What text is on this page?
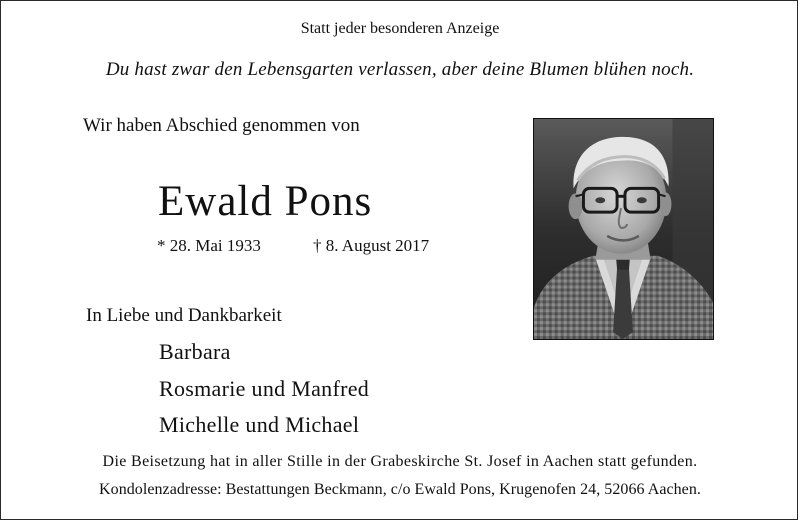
Statt jeder besonderen Anzeige
Du hast zwar den Lebensgarten verlassen, aber deine Blumen blühen noch.
Wir haben Abschied genommen von
Ewald Pons
* 28. Mai 1933	† 8. August 2017
In Liebe und Dankbarkeit
Barbara
Rosmarie und Manfred
Michelle und Michael
Die Beisetzung hat in aller Stille in der Grabeskirche St. Josef in Aachen statt gefunden.
Kondolenzadresse: Bestattungen Beckmann, c/o Ewald Pons, Krugenofen 24, 52066 Aachen.
